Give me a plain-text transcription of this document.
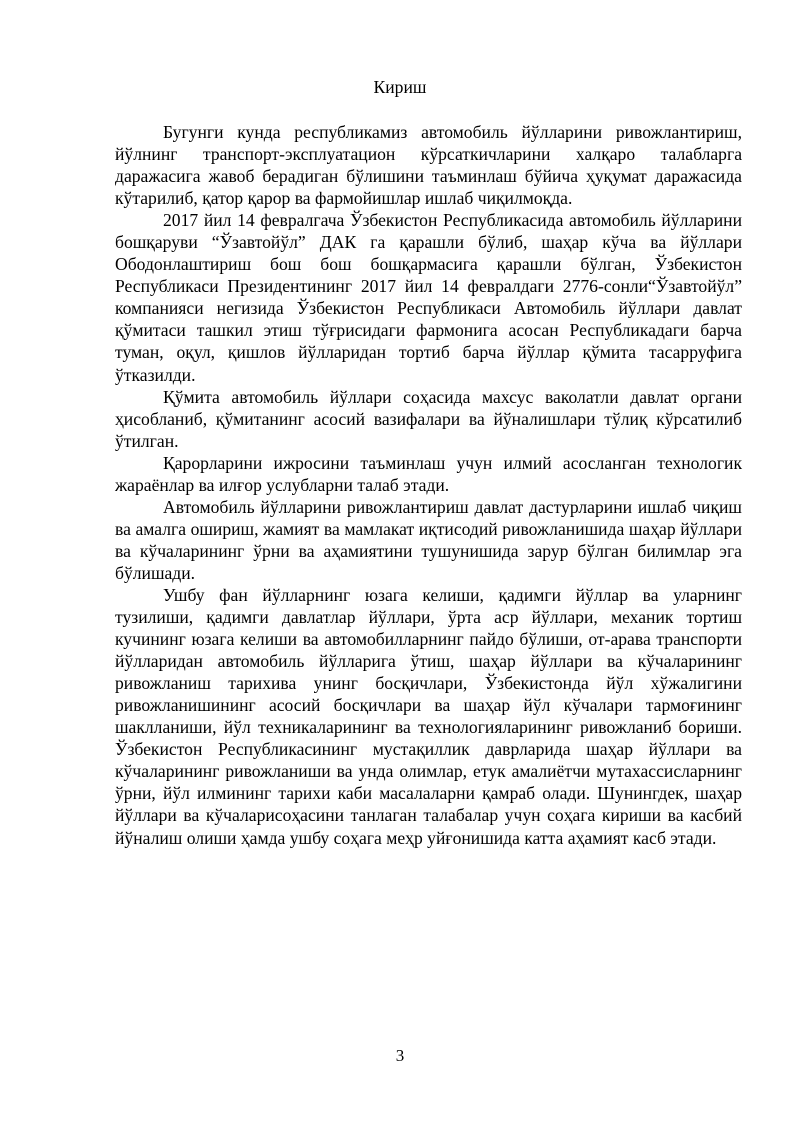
Кириш

Бугунги кунда республикамиз автомобиль йўлларини ривожлантириш, йўлнинг транспорт-эксплуатацион кўрсаткичларини халқаро талабларга даражасига жавоб берадиган бўлишини таъминлаш бўйича ҳуқумат даражасида кўтарилиб, қатор қарор ва фармойишлар ишлаб чиқилмоқда.

2017 йил 14 февралгача Ўзбекистон Республикасида автомобиль йўлларини бошқаруви “Ўзавтойўл” ДАК га қарашли бўлиб, шаҳар кўча ва йўллари Ободонлаштириш бош бош бошқармасига қарашли бўлган, Ўзбекистон Республикаси Президентининг 2017 йил 14 февралдаги 2776-сонли“Ўзавтойўл” компанияси негизида Ўзбекистон Республикаси Автомобиль йўллари давлат қўмитаси ташкил этиш тўғрисидаги фармонига асосан Республикадаги барча туман, оқул, қишлов йўлларидан тортиб барча йўллар қўмита тасарруфига ўтказилди.

Қўмита автомобиль йўллари соҳасида махсус ваколатли давлат органи ҳисобланиб, қўмитанинг асосий вазифалари ва йўналишлари тўлиқ кўрсатилиб ўтилган.

Қарорларини ижросини таъминлаш учун илмий асосланган технологик жараёнлар ва илғор услубларни талаб этади.

Автомобиль йўлларини ривожлантириш давлат дастурларини ишлаб чиқиш ва амалга ошириш, жамият ва мамлакат иқтисодий ривожланишида шаҳар йўллари ва кўчаларининг ўрни ва аҳамиятини тушунишида зарур бўлган билимлар эга бўлишади.

Ушбу фан йўлларнинг юзага келиши, қадимги йўллар ва уларнинг тузилиши, қадимги давлатлар йўллари, ўрта аср йўллари, механик тортиш кучининг юзага келиши ва автомобилларнинг пайдо бўлиши, от-арава транспорти йўлларидан автомобиль йўлларига ўтиш, шаҳар йўллари ва кўчаларининг ривожланиш тарихива унинг босқичлари, Ўзбекистонда йўл хўжалигини ривожланишининг асосий босқичлари ва шаҳар йўл кўчалари тармоғининг шаклланиши, йўл техникаларининг ва технологияларининг ривожланиб бориши. Ўзбекистон Республикасининг мустақиллик даврларида шаҳар йўллари ва кўчаларининг ривожланиши ва унда олимлар, етук амалиётчи мутахассисларнинг ўрни, йўл илмининг тарихи каби масалаларни қамраб олади. Шунингдек, шаҳар йўллари ва кўчаларисоҳасини танлаган талабалар учун соҳага кириши ва касбий йўналиш олиши ҳамда ушбу соҳага меҳр уйғонишида катта аҳамият касб этади.

3
